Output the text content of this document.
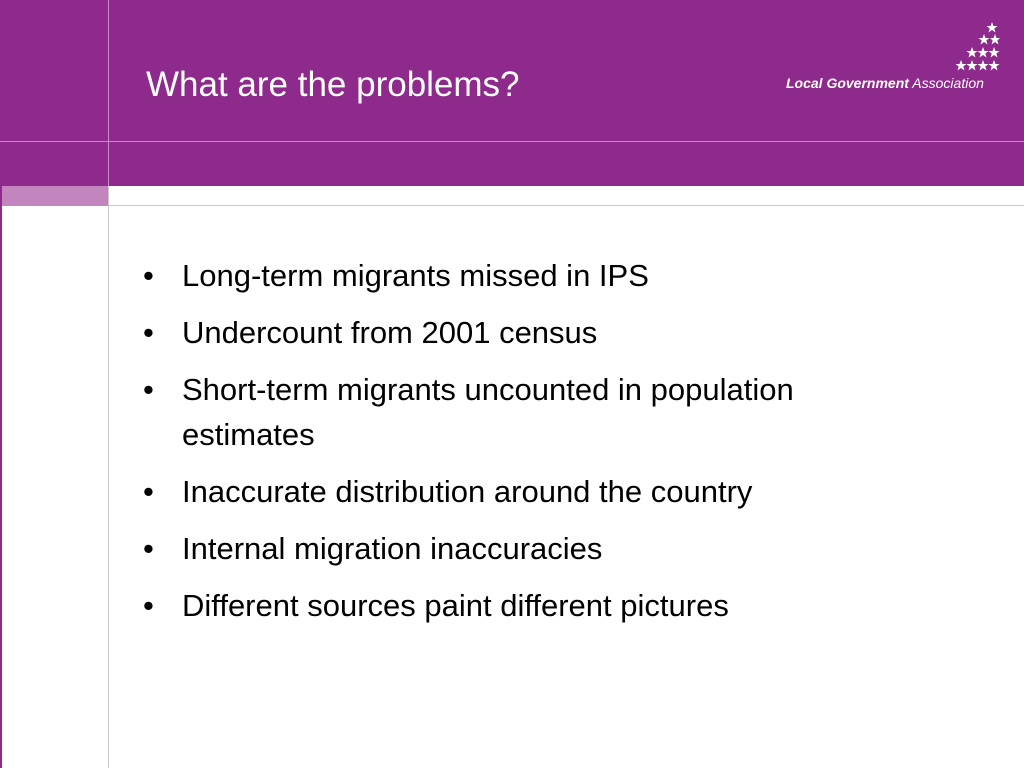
What are the problems?	Local Government Association
• Long-term migrants missed in IPS
• Undercount from 2001 census
• Short-term migrants uncounted in population estimates
• Inaccurate distribution around the country
• Internal migration inaccuracies
• Different sources paint different pictures
